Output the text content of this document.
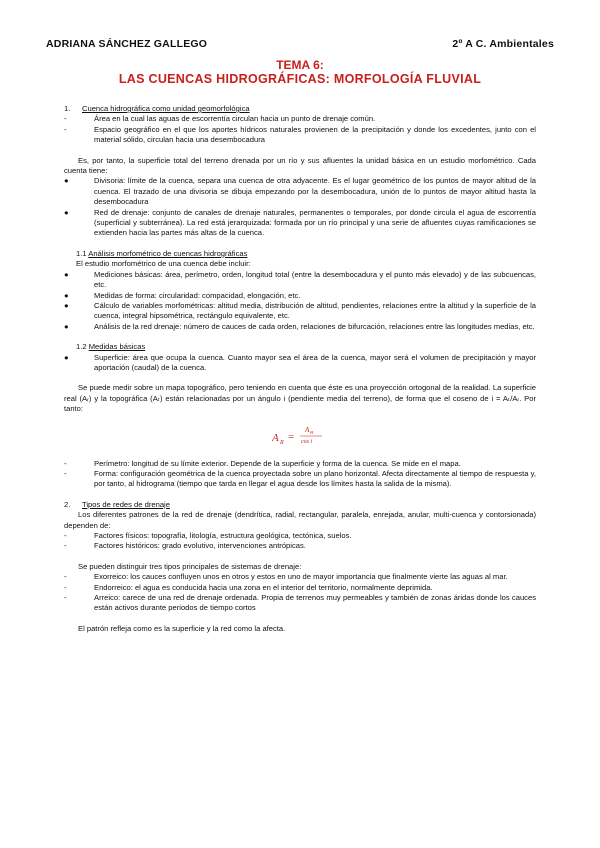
ADRIANA SÁNCHEZ GALLEGO	2º A C. Ambientales
TEMA 6:
LAS CUENCAS HIDROGRÁFICAS: MORFOLOGÍA FLUVIAL

1. Cuenca hidrográfica como unidad geomorfológica

-	Área en la cual las aguas de escorrentía circulan hacia un punto de drenaje común.

-	Espacio geográfico en el que los aportes hídricos naturales provienen de la precipitación y donde los excedentes, junto con el material sólido, circulan hacia una desembocadura

Es, por tanto, la superficie total del terreno drenada por un río y sus afluentes la unidad básica en un estudio morfométrico. Cada cuenta tiene:

●	Divisoria: límite de la cuenca, separa una cuenca de otra adyacente. Es el lugar geométrico de los puntos de mayor altitud de la cuenca. El trazado de una divisoria se dibuja empezando por la desembocadura, unión de lo puntos de mayor altitud hasta la desembocadura

●	Red de drenaje: conjunto de canales de drenaje naturales, permanentes o temporales, por donde circula el agua de escorrentía (superficial y subterránea). La red está jerarquizada: formada por un río principal y una serie de afluentes cuyas ramificaciones se extienden hacia las partes más altas de la cuenca.

1.1 Análisis morfométrico de cuencas hidrográficas

El estudio morfométrico de una cuenca debe incluir:

●	Mediciones básicas: área, perímetro, orden, longitud total (entre la desembocadura y el punto más elevado) y de las subcuencas, etc.

●	Medidas de forma: circularidad: compacidad, elongación, etc.

●	Cálculo de variables morfométricas: altitud media, distribución de altitud, pendientes, relaciones entre la altitud y la superficie de la cuenca, integral hipsométrica, rectángulo equivalente, etc.

●	Análisis de la red drenaje: número de cauces de cada orden, relaciones de bifurcación, relaciones entre las longitudes medias, etc.

1.2 Medidas básicas

●	Superficie: área que ocupa la cuenca. Cuanto mayor sea el área de la cuenca, mayor será el volumen de precipitación y mayor aportación (caudal) de la cuenca.

Se puede medir sobre un mapa topográfico, pero teniendo en cuenta que éste es una proyección ortogonal de la realidad. La superficie real (Aᵣ) y la topográfica (Aₜ) están relacionadas por un ángulo i (pendiente media del terreno), de forma que el coseno de i = Aₜ/Aᵣ. Por tanto:

A R =
A H
cos i

-	Perímetro: longitud de su límite exterior. Depende de la superficie y forma de la cuenca. Se mide en el mapa.

-	Forma: configuración geométrica de la cuenca proyectada sobre un plano horizontal. Afecta directamente al tiempo de respuesta y, por tanto, al hidrograma (tiempo que tarda en llegar el agua desde los límites hasta la salida de la misma).

2. Tipos de redes de drenaje

Los diferentes patrones de la red de drenaje (dendrítica, radial, rectangular, paralela, enrejada, anular, multi-cuenca y contorsionada) dependen de:

-	Factores físicos: topografía, litología, estructura geológica, tectónica, suelos.

-	Factores históricos: grado evolutivo, intervenciones antrópicas.

Se pueden distinguir tres tipos principales de sistemas de drenaje:

-	Exorreico: los cauces confluyen unos en otros y estos en uno de mayor importancia que finalmente vierte las aguas al mar.

-	Endorreico: el agua es conducida hacia una zona en el interior del territorio, normalmente deprimida.

-	Arreico: carece de una red de drenaje ordenada. Propia de terrenos muy permeables y también de zonas áridas donde los cauces están activos durante periodos de tiempo cortos

El patrón refleja como es la superficie y la red como la afecta.
